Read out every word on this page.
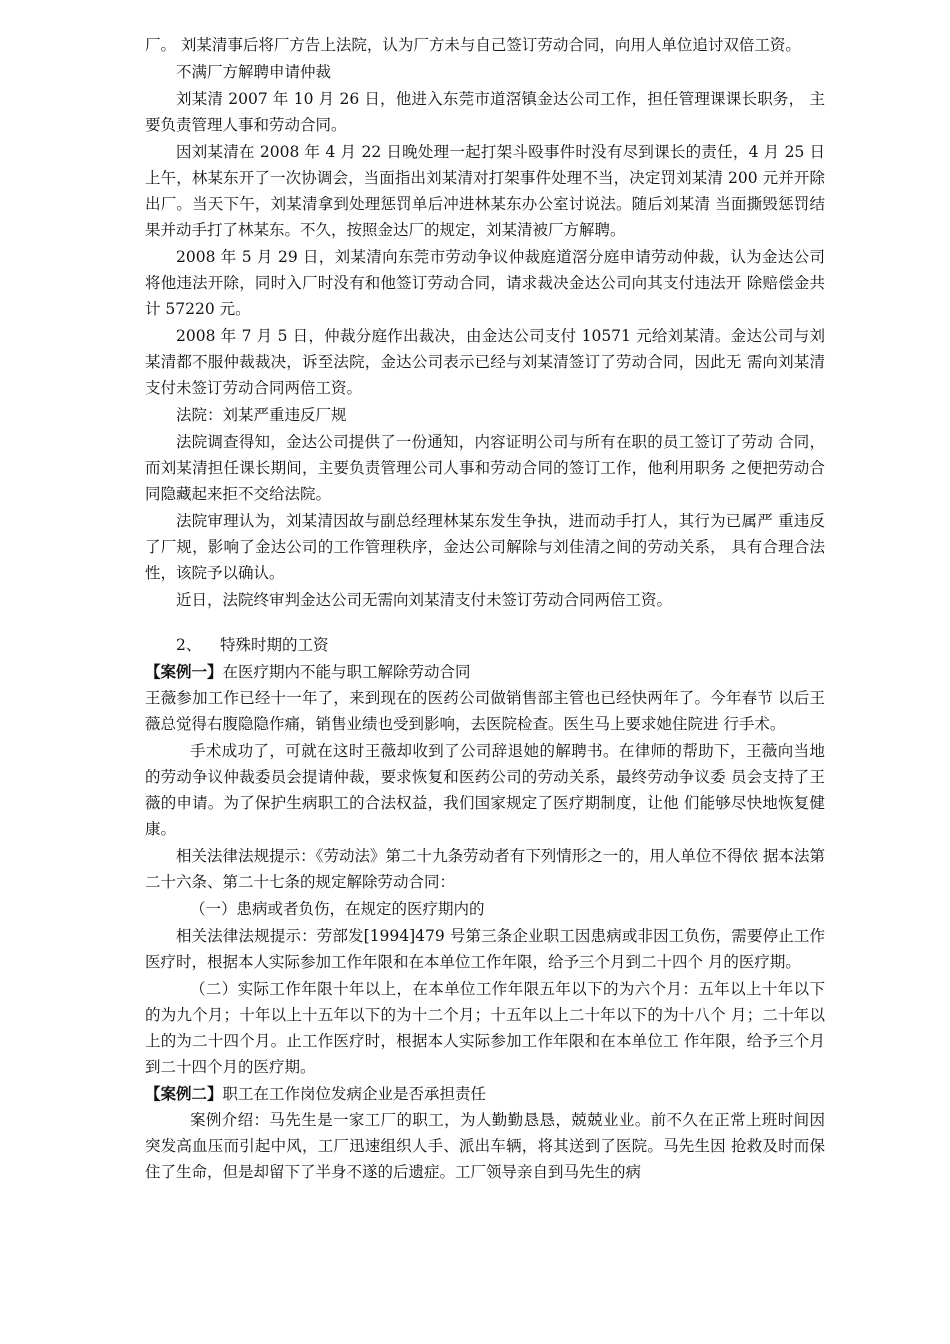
厂。 刘某清事后将厂方告上法院，认为厂方未与自己签订劳动合同，向用人单位追讨双倍工资。

不满厂方解聘申请仲裁

刘某清 2007 年 10 月 26 日，他进入东莞市道滘镇金达公司工作，担任管理课课长职务， 主要负责管理人事和劳动合同。

因刘某清在 2008 年 4 月 22 日晚处理一起打架斗殴事件时没有尽到课长的责任，4 月 25 日上午，林某东开了一次协调会，当面指出刘某清对打架事件处理不当，决定罚刘某清 200 元并开除出厂。当天下午，刘某清拿到处理惩罚单后冲进林某东办公室讨说法。随后刘某清 当面撕毁惩罚结果并动手打了林某东。不久，按照金达厂的规定，刘某清被厂方解聘。

2008 年 5 月 29 日，刘某清向东莞市劳动争议仲裁庭道滘分庭申请劳动仲裁，认为金达公司将他违法开除，同时入厂时没有和他签订劳动合同，请求裁决金达公司向其支付违法开 除赔偿金共计 57220 元。

2008 年 7 月 5 日，仲裁分庭作出裁决，由金达公司支付 10571 元给刘某清。金达公司与刘某清都不服仲裁裁决，诉至法院，金达公司表示已经与刘某清签订了劳动合同，因此无 需向刘某清支付未签订劳动合同两倍工资。

法院：刘某严重违反厂规

法院调查得知，金达公司提供了一份通知，内容证明公司与所有在职的员工签订了劳动 合同，而刘某清担任课长期间，主要负责管理公司人事和劳动合同的签订工作，他利用职务 之便把劳动合同隐藏起来拒不交给法院。

法院审理认为，刘某清因故与副总经理林某东发生争执，进而动手打人，其行为已属严 重违反了厂规，影响了金达公司的工作管理秩序，金达公司解除与刘佳清之间的劳动关系， 具有合理合法性，该院予以确认。

近日，法院终审判金达公司无需向刘某清支付未签订劳动合同两倍工资。

2、 特殊时期的工资

【案例一】在医疗期内不能与职工解除劳动合同

王薇参加工作已经十一年了，来到现在的医药公司做销售部主管也已经快两年了。今年春节 以后王薇总觉得右腹隐隐作痛，销售业绩也受到影响，去医院检查。医生马上要求她住院进 行手术。

手术成功了，可就在这时王薇却收到了公司辞退她的解聘书。在律师的帮助下，王薇向当地的劳动争议仲裁委员会提请仲裁，要求恢复和医药公司的劳动关系，最终劳动争议委 员会支持了王薇的申请。为了保护生病职工的合法权益，我们国家规定了医疗期制度，让他 们能够尽快地恢复健康。

相关法律法规提示：《劳动法》第二十九条劳动者有下列情形之一的，用人单位不得依 据本法第二十六条、第二十七条的规定解除劳动合同：

（一）患病或者负伤，在规定的医疗期内的

相关法律法规提示：劳部发[1994]479 号第三条企业职工因患病或非因工负伤，需要停止工作医疗时，根据本人实际参加工作年限和在本单位工作年限，给予三个月到二十四个 月的医疗期。

（二）实际工作年限十年以上，在本单位工作年限五年以下的为六个月：五年以上十年以下的为九个月；十年以上十五年以下的为十二个月；十五年以上二十年以下的为十八个 月；二十年以上的为二十四个月。止工作医疗时，根据本人实际参加工作年限和在本单位工 作年限，给予三个月到二十四个月的医疗期。

【案例二】职工在工作岗位发病企业是否承担责任

案例介绍：马先生是一家工厂的职工，为人勤勤恳恳，兢兢业业。前不久在正常上班时间因突发高血压而引起中风，工厂迅速组织人手、派出车辆，将其送到了医院。马先生因 抢救及时而保住了生命，但是却留下了半身不遂的后遗症。工厂领导亲自到马先生的病
